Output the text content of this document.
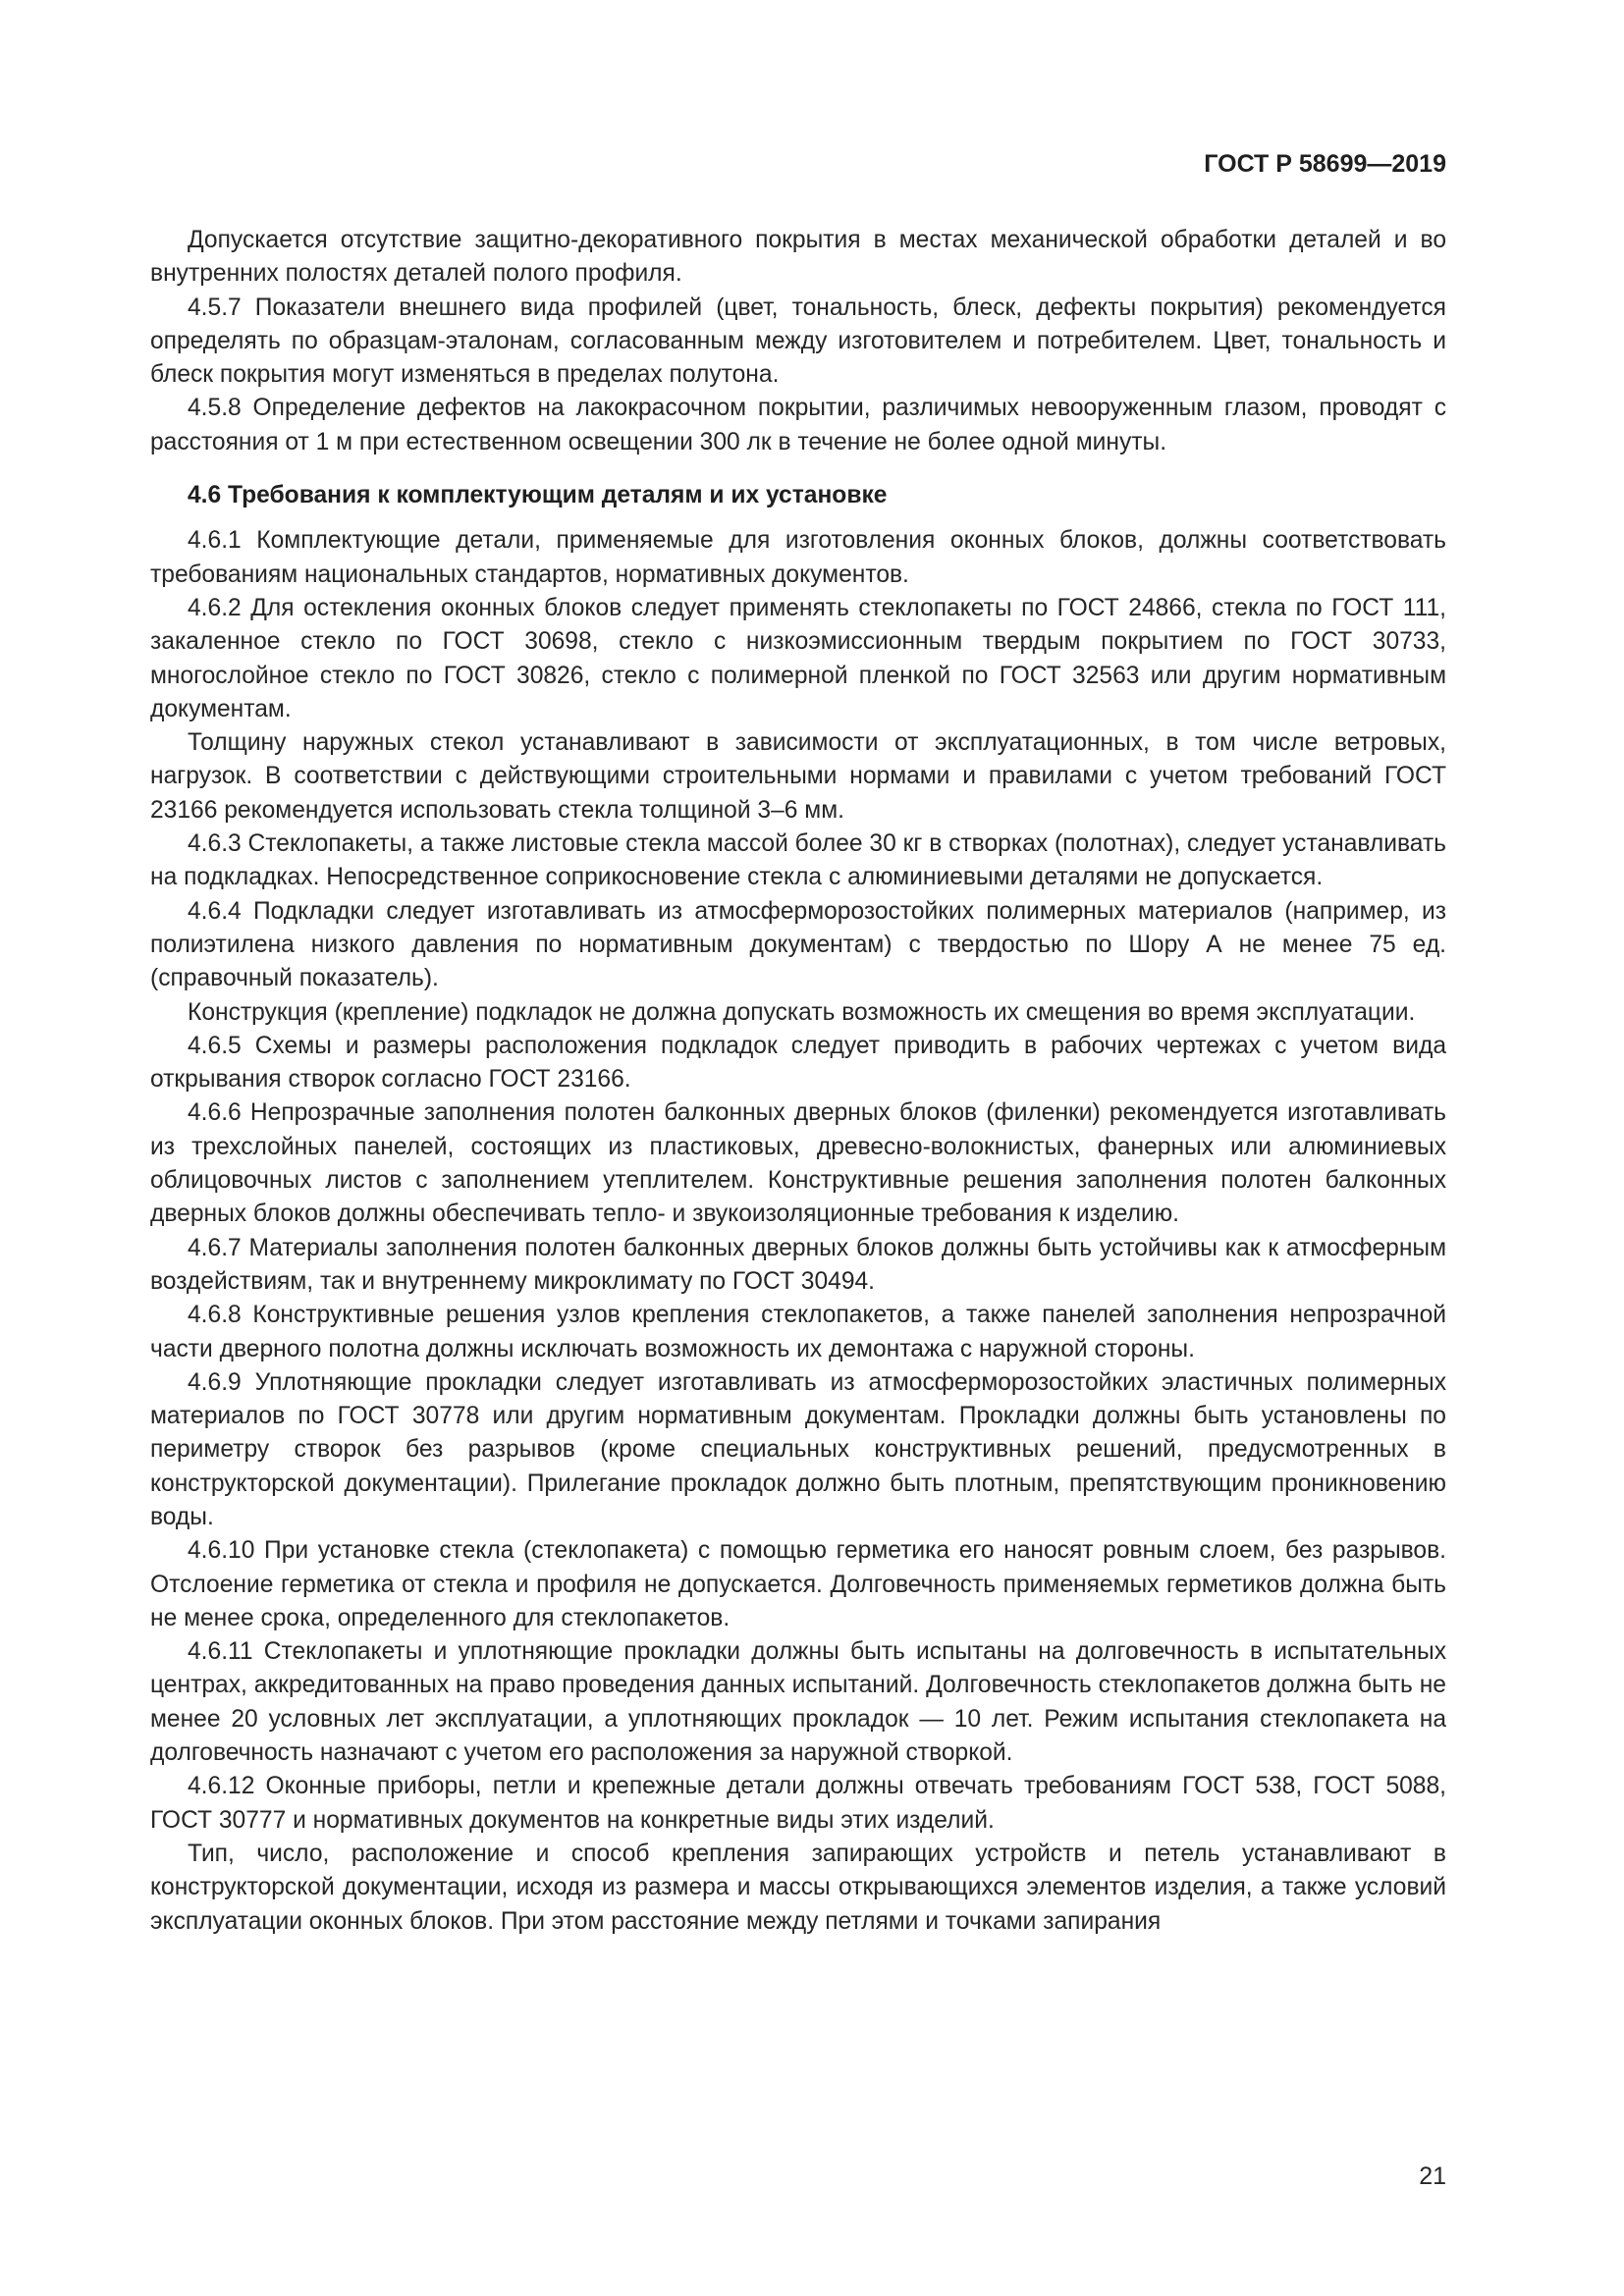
ГОСТ Р 58699—2019

Допускается отсутствие защитно-декоративного покрытия в местах механической обработки деталей и во внутренних полостях деталей полого профиля.

4.5.7 Показатели внешнего вида профилей (цвет, тональность, блеск, дефекты покрытия) рекомендуется определять по образцам-эталонам, согласованным между изготовителем и потребителем. Цвет, тональность и блеск покрытия могут изменяться в пределах полутона.

4.5.8 Определение дефектов на лакокрасочном покрытии, различимых невооруженным глазом, проводят с расстояния от 1 м при естественном освещении 300 лк в течение не более одной минуты.

4.6 Требования к комплектующим деталям и их установке

4.6.1 Комплектующие детали, применяемые для изготовления оконных блоков, должны соответствовать требованиям национальных стандартов, нормативных документов.

4.6.2 Для остекления оконных блоков следует применять стеклопакеты по ГОСТ 24866, стекла по ГОСТ 111, закаленное стекло по ГОСТ 30698, стекло с низкоэмиссионным твердым покрытием по ГОСТ 30733, многослойное стекло по ГОСТ 30826, стекло с полимерной пленкой по ГОСТ 32563 или другим нормативным документам.

Толщину наружных стекол устанавливают в зависимости от эксплуатационных, в том числе ветровых, нагрузок. В соответствии с действующими строительными нормами и правилами с учетом требований ГОСТ 23166 рекомендуется использовать стекла толщиной 3–6 мм.

4.6.3 Стеклопакеты, а также листовые стекла массой более 30 кг в створках (полотнах), следует устанавливать на подкладках. Непосредственное соприкосновение стекла с алюминиевыми деталями не допускается.

4.6.4 Подкладки следует изготавливать из атмосферморозостойких полимерных материалов (например, из полиэтилена низкого давления по нормативным документам) с твердостью по Шору А не менее 75 ед. (справочный показатель).

Конструкция (крепление) подкладок не должна допускать возможность их смещения во время эксплуатации.

4.6.5 Схемы и размеры расположения подкладок следует приводить в рабочих чертежах с учетом вида открывания створок согласно ГОСТ 23166.

4.6.6 Непрозрачные заполнения полотен балконных дверных блоков (филенки) рекомендуется изготавливать из трехслойных панелей, состоящих из пластиковых, древесно-волокнистых, фанерных или алюминиевых облицовочных листов с заполнением утеплителем. Конструктивные решения заполнения полотен балконных дверных блоков должны обеспечивать тепло- и звукоизоляционные требования к изделию.

4.6.7 Материалы заполнения полотен балконных дверных блоков должны быть устойчивы как к атмосферным воздействиям, так и внутреннему микроклимату по ГОСТ 30494.

4.6.8 Конструктивные решения узлов крепления стеклопакетов, а также панелей заполнения непрозрачной части дверного полотна должны исключать возможность их демонтажа с наружной стороны.

4.6.9 Уплотняющие прокладки следует изготавливать из атмосферморозостойких эластичных полимерных материалов по ГОСТ 30778 или другим нормативным документам. Прокладки должны быть установлены по периметру створок без разрывов (кроме специальных конструктивных решений, предусмотренных в конструкторской документации). Прилегание прокладок должно быть плотным, препятствующим проникновению воды.

4.6.10 При установке стекла (стеклопакета) с помощью герметика его наносят ровным слоем, без разрывов. Отслоение герметика от стекла и профиля не допускается. Долговечность применяемых герметиков должна быть не менее срока, определенного для стеклопакетов.

4.6.11 Стеклопакеты и уплотняющие прокладки должны быть испытаны на долговечность в испытательных центрах, аккредитованных на право проведения данных испытаний. Долговечность стеклопакетов должна быть не менее 20 условных лет эксплуатации, а уплотняющих прокладок — 10 лет. Режим испытания стеклопакета на долговечность назначают с учетом его расположения за наружной створкой.

4.6.12 Оконные приборы, петли и крепежные детали должны отвечать требованиям ГОСТ 538, ГОСТ 5088, ГОСТ 30777 и нормативных документов на конкретные виды этих изделий.

Тип, число, расположение и способ крепления запирающих устройств и петель устанавливают в конструкторской документации, исходя из размера и массы открывающихся элементов изделия, а также условий эксплуатации оконных блоков. При этом расстояние между петлями и точками запирания

21
